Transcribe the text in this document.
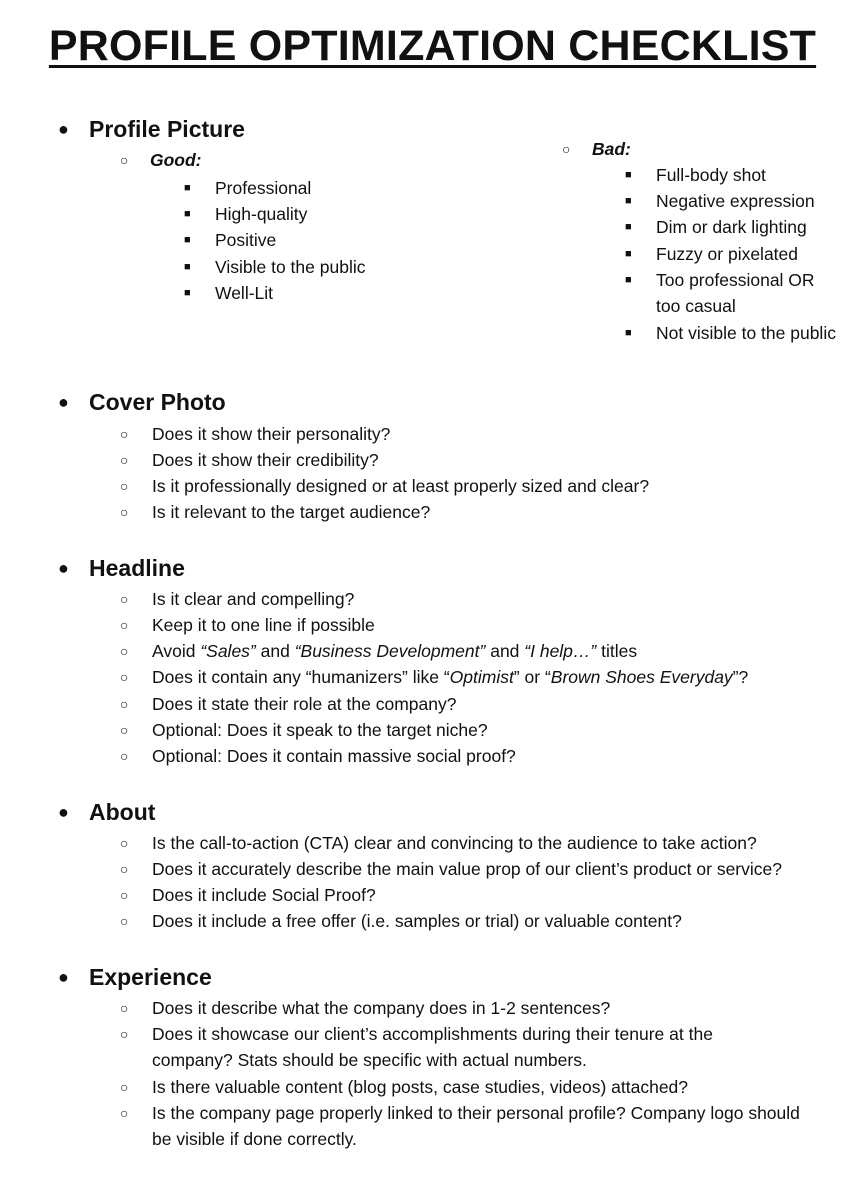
PROFILE OPTIMIZATION CHECKLIST
● Profile Picture
○	Good:
■	Professional
■	High-quality
■	Positive
■	Visible to the public
■	Well-Lit
○	Bad:
■	Full-body shot
■	Negative expression
■	Dim or dark lighting
■	Fuzzy or pixelated
■	Too professional OR too casual
■	Not visible to the public
● Cover Photo
○	Does it show their personality?
○	Does it show their credibility?
○	Is it professionally designed or at least properly sized and clear?
○	Is it relevant to the target audience?
● Headline
○	Is it clear and compelling?
○	Keep it to one line if possible
○	Avoid “Sales” and “Business Development” and “I help…” titles
○	Does it contain any “humanizers” like “Optimist” or “Brown Shoes Everyday”?
○	Does it state their role at the company?
○	Optional: Does it speak to the target niche?
○	Optional: Does it contain massive social proof?
● About
○	Is the call-to-action (CTA) clear and convincing to the audience to take action?
○	Does it accurately describe the main value prop of our client’s product or service?
○	Does it include Social Proof?
○	Does it include a free offer (i.e. samples or trial) or valuable content?
● Experience
○	Does it describe what the company does in 1-2 sentences?
○	Does it showcase our client’s accomplishments during their tenure at the company? Stats should be specific with actual numbers.
○	Is there valuable content (blog posts, case studies, videos) attached?
○	Is the company page properly linked to their personal profile? Company logo should be visible if done correctly.
